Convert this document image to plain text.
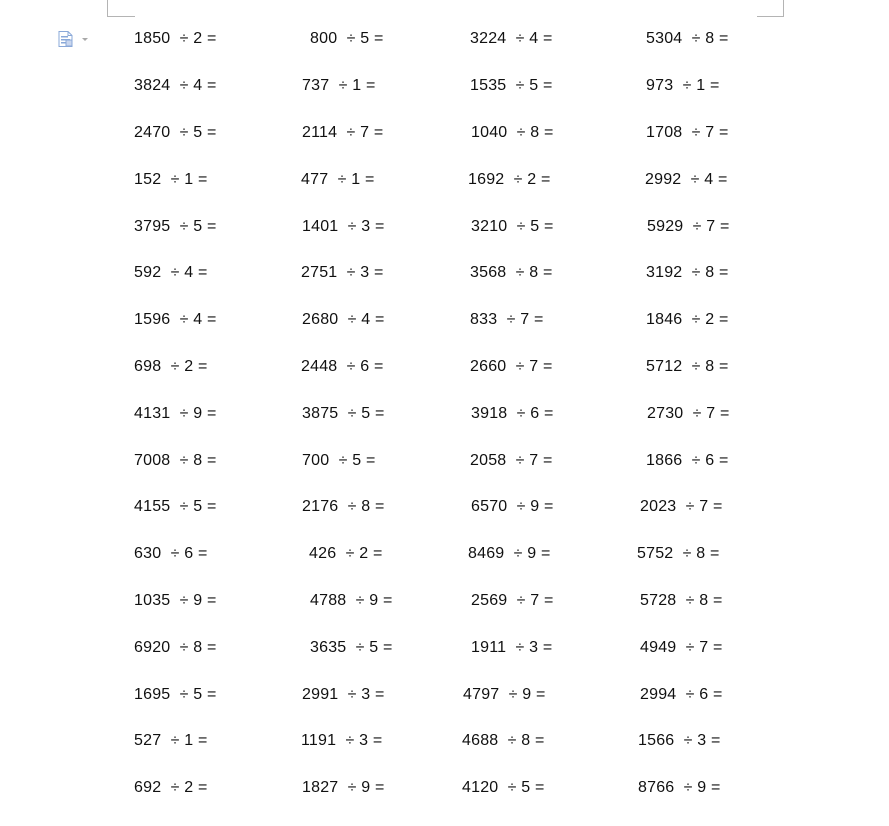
1850  ÷ 2 =	800  ÷ 5 =	3224  ÷ 4 =	5304  ÷ 8 =
3824  ÷ 4 =	737  ÷ 1 =	1535  ÷ 5 =	973  ÷ 1 =
2470  ÷ 5 =	2114  ÷ 7 =	1040  ÷ 8 =	1708  ÷ 7 =
152  ÷ 1 =	477  ÷ 1 =	1692  ÷ 2 =	2992  ÷ 4 =
3795  ÷ 5 =	1401  ÷ 3 =	3210  ÷ 5 =	5929  ÷ 7 =
592  ÷ 4 =	2751  ÷ 3 =	3568  ÷ 8 =	3192  ÷ 8 =
1596  ÷ 4 =	2680  ÷ 4 =	833  ÷ 7 =	1846  ÷ 2 =
698  ÷ 2 =	2448  ÷ 6 =	2660  ÷ 7 =	5712  ÷ 8 =
4131  ÷ 9 =	3875  ÷ 5 =	3918  ÷ 6 =	2730  ÷ 7 =
7008  ÷ 8 =	700  ÷ 5 =	2058  ÷ 7 =	1866  ÷ 6 =
4155  ÷ 5 =	2176  ÷ 8 =	6570  ÷ 9 =	2023  ÷ 7 =
630  ÷ 6 =	426  ÷ 2 =	8469  ÷ 9 =	5752  ÷ 8 =
1035  ÷ 9 =	4788  ÷ 9 =	2569  ÷ 7 =	5728  ÷ 8 =
6920  ÷ 8 =	3635  ÷ 5 =	1911  ÷ 3 =	4949  ÷ 7 =
1695  ÷ 5 =	2991  ÷ 3 =	4797  ÷ 9 =	2994  ÷ 6 =
527  ÷ 1 =	1191  ÷ 3 =	4688  ÷ 8 =	1566  ÷ 3 =
692  ÷ 2 =	1827  ÷ 9 =	4120  ÷ 5 =	8766  ÷ 9 =
